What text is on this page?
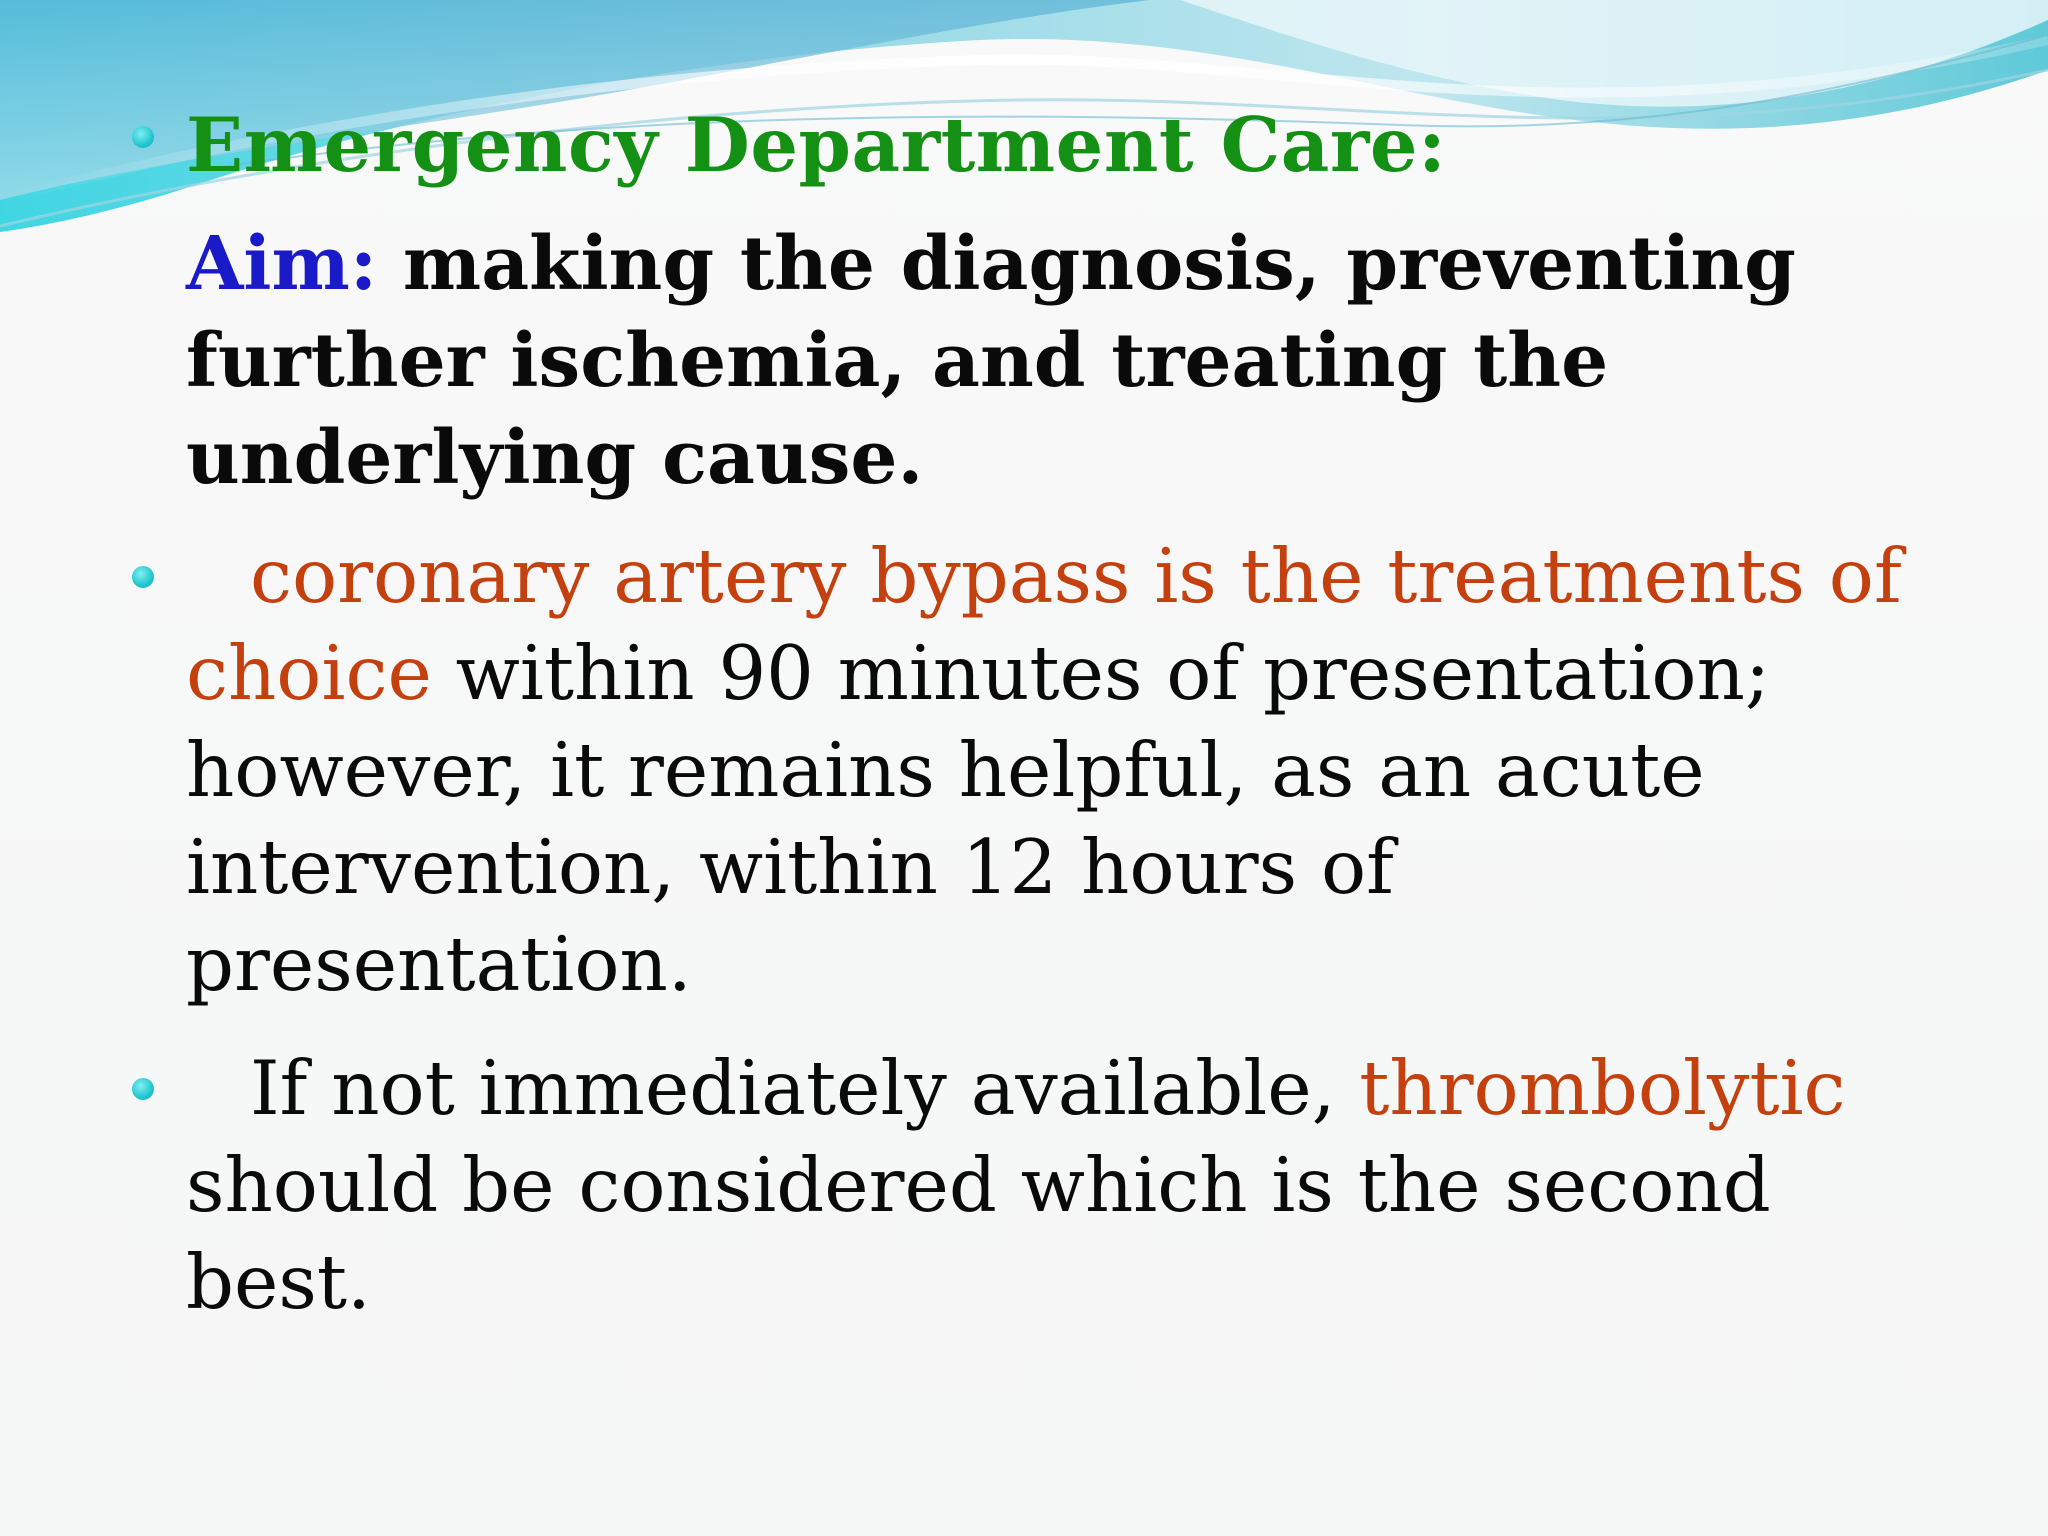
Emergency Department Care:
Aim: making the diagnosis, preventing
further ischemia, and treating the
underlying cause.
coronary artery bypass is the treatments of
choice within 90 minutes of presentation;
however, it remains helpful, as an acute
intervention, within 12 hours of
presentation.
If not immediately available, thrombolytic
should be considered which is the second
best.
